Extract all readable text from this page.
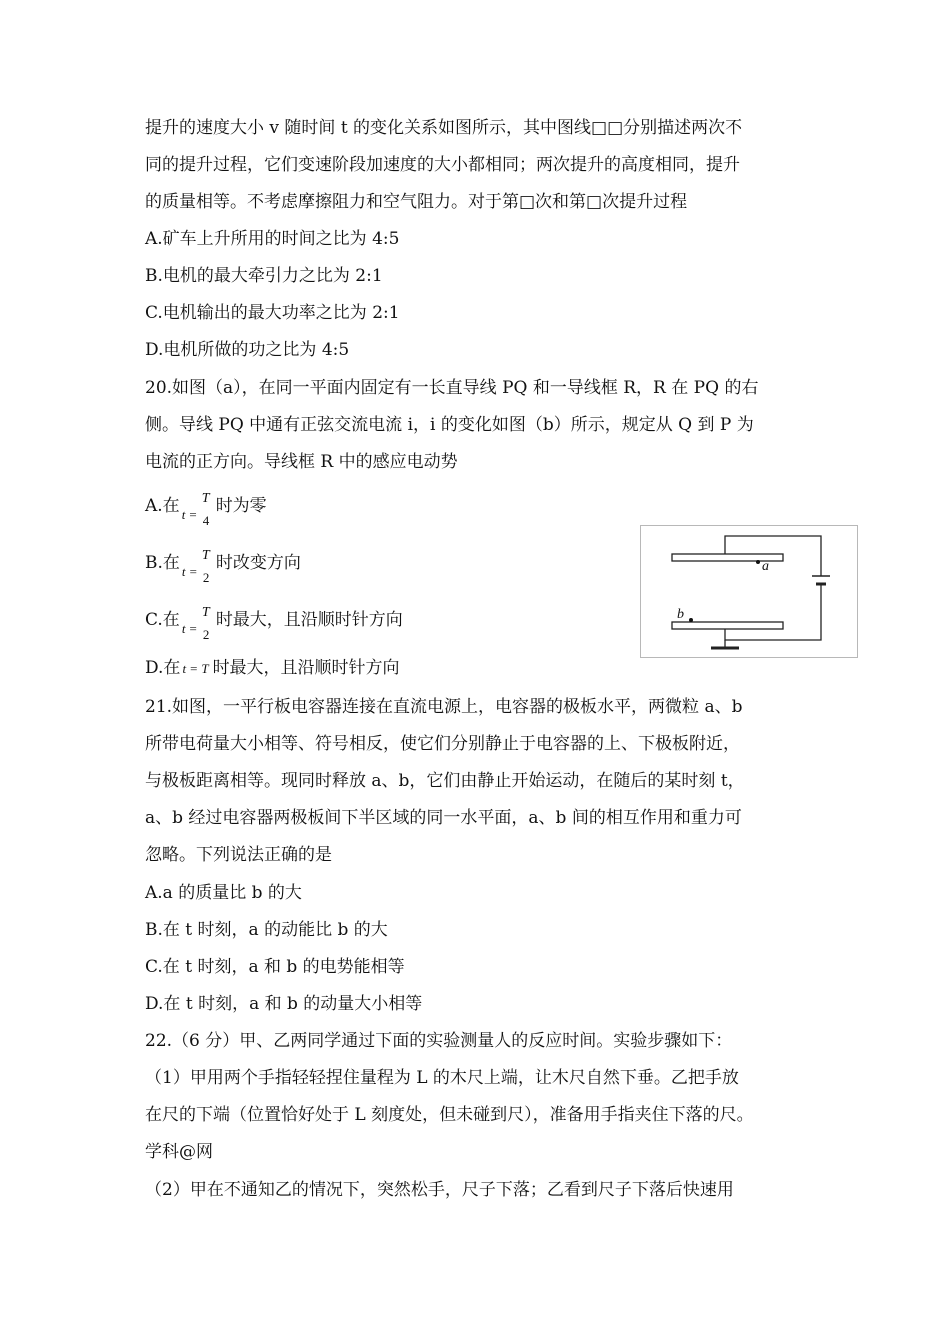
提升的速度大小 v 随时间 t 的变化关系如图所示，其中图线□□分别描述两次不
同的提升过程，它们变速阶段加速度的大小都相同；两次提升的高度相同，提升
的质量相等。不考虑摩擦阻力和空气阻力。对于第□次和第□次提升过程
A.矿车上升所用的时间之比为 4:5
B.电机的最大牵引力之比为 2:1
C.电机输出的最大功率之比为 2:1
D.电机所做的功之比为 4:5
20.如图（a），在同一平面内固定有一长直导线 PQ 和一导线框 R，R 在 PQ 的右
侧。导线 PQ 中通有正弦交流电流 i，i 的变化如图（b）所示，规定从 Q 到 P 为
电流的正方向。导线框 R 中的感应电动势
A.在 t =
T
4
时为零
B.在 t =
T
2
时改变方向
C.在 t =
T
2
时最大，且沿顺时针方向
D.在 t = T 时最大，且沿顺时针方向
21.如图，一平行板电容器连接在直流电源上，电容器的极板水平，两微粒 a、b
所带电荷量大小相等、符号相反，使它们分别静止于电容器的上、下极板附近，
与极板距离相等。现同时释放 a、b，它们由静止开始运动，在随后的某时刻 t，
a、b 经过电容器两极板间下半区域的同一水平面，a、b 间的相互作用和重力可
忽略。下列说法正确的是
A.a 的质量比 b 的大
B.在 t 时刻，a 的动能比 b 的大
C.在 t 时刻，a 和 b 的电势能相等
D.在 t 时刻，a 和 b 的动量大小相等
22.（6 分）甲、乙两同学通过下面的实验测量人的反应时间。实验步骤如下：
（1）甲用两个手指轻轻捏住量程为 L 的木尺上端，让木尺自然下垂。乙把手放
在尺的下端（位置恰好处于 L 刻度处，但未碰到尺），准备用手指夹住下落的尺。
学科@网
（2）甲在不通知乙的情况下，突然松手，尺子下落；乙看到尺子下落后快速用
a
b
